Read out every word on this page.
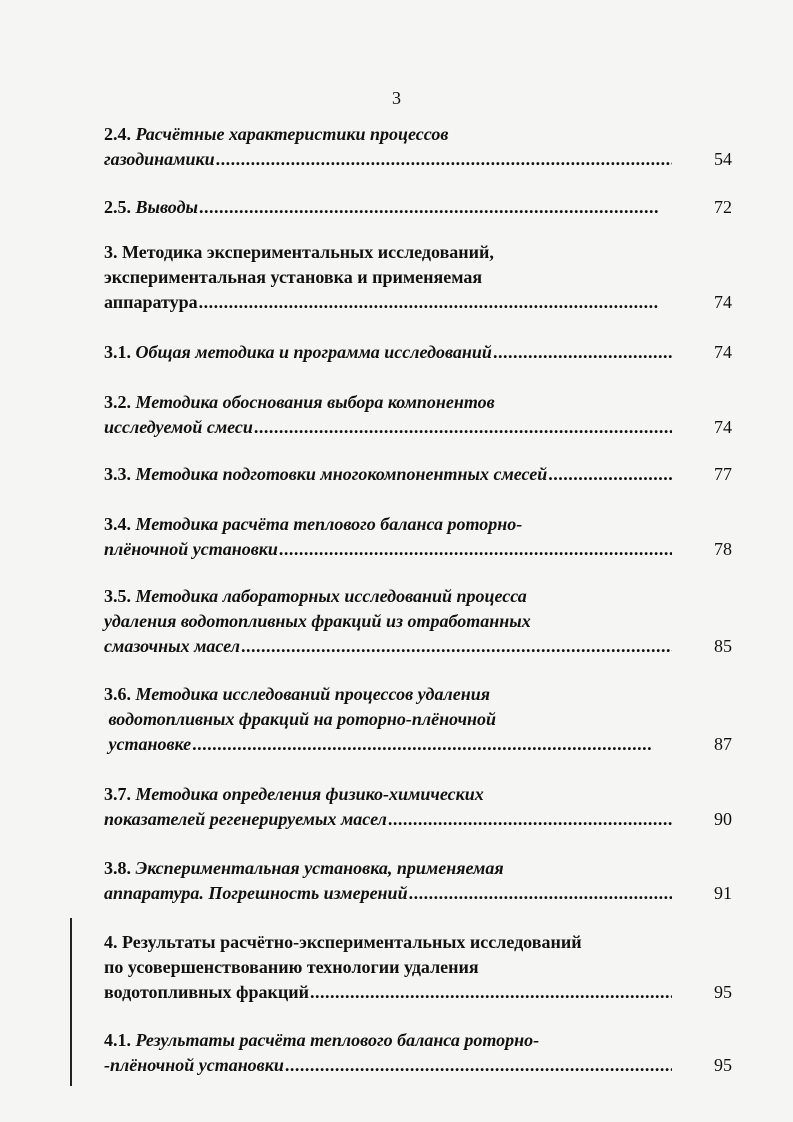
3
2.4. Расчётные характеристики процессов
газодинамики . . .	54
2.5. Выводы . . .	72
3. Методика экспериментальных исследований,
экспериментальная установка и применяемая
аппаратура . . .	74
3.1. Общая методика и программа исследований . . .	74
3.2. Методика обоснования выбора компонентов
исследуемой смеси . . .	74
3.3. Методика подготовки многокомпонентных смесей . . .	77
3.4. Методика расчёта теплового баланса роторно-
плёночной установки . . .	78
3.5. Методика лабораторных исследований процесса
удаления водотопливных фракций из отработанных
смазочных масел . . .	85
3.6. Методика исследований процессов удаления
водотопливных фракций на роторно-плёночной
установке . . .	87
3.7. Методика определения физико-химических
показателей регенерируемых масел . . .	90
3.8. Экспериментальная установка, применяемая
аппаратура. Погрешность измерений . . .	91
4. Результаты расчётно-экспериментальных исследований
по усовершенствованию технологии удаления
водотопливных фракций . . .	95
4.1. Результаты расчёта теплового баланса роторно-
-плёночной установки . . .	95
